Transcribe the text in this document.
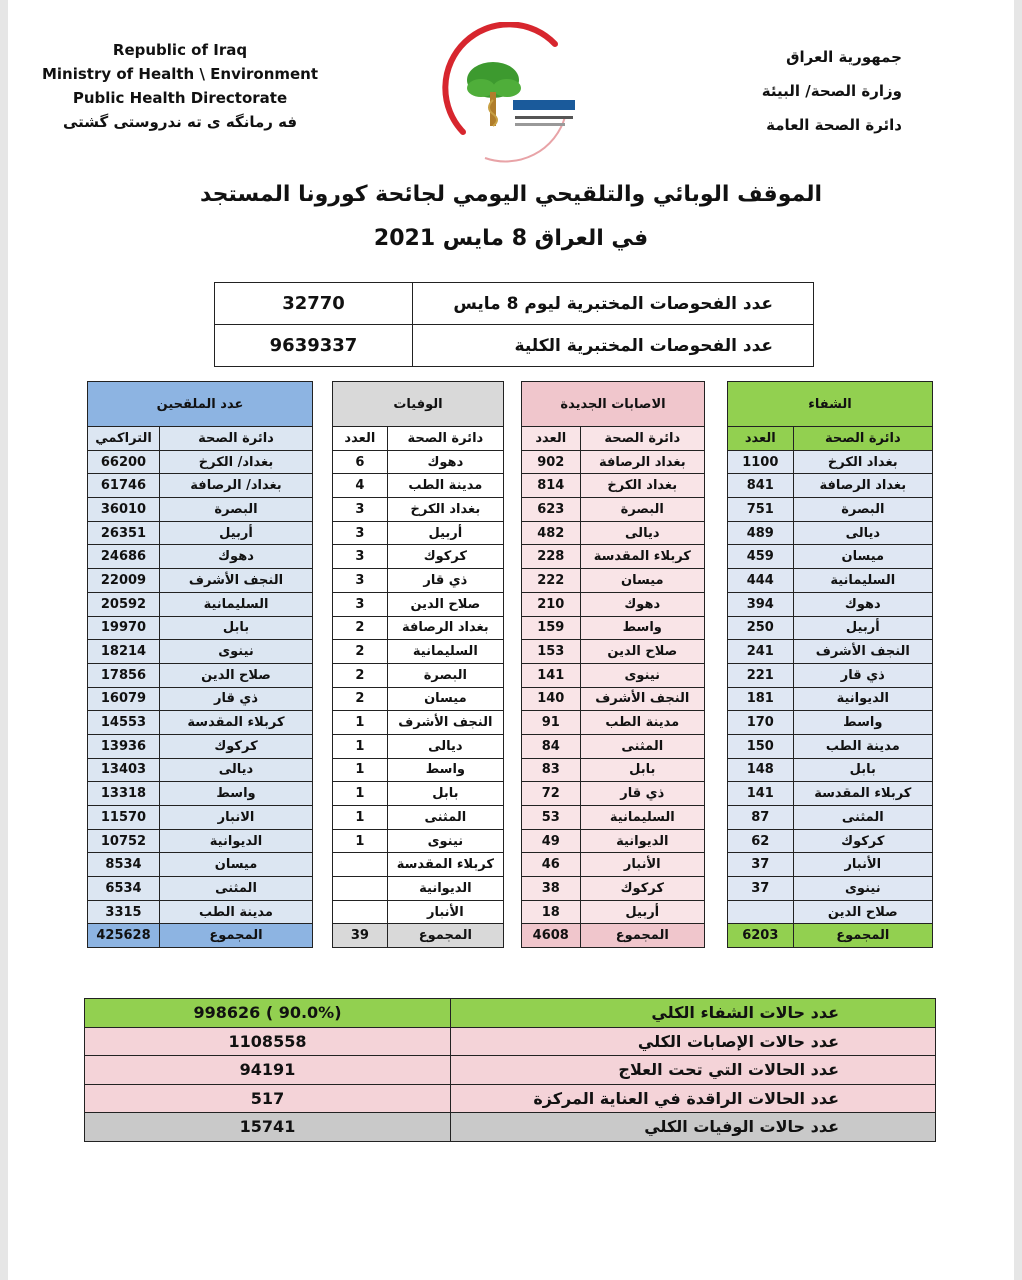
Republic of Iraq
Ministry of Health \ Environment
Public Health Directorate
فه رمانگه ی ته ندروستی گشتی
جمهورية العراق
وزارة الصحة/ البيئة
دائرة الصحة العامة
الموقف الوبائي والتلقيحي اليومي لجائحة كورونا المستجد
في العراق 8 مايس 2021
32770	عدد الفحوصات المختبرية ليوم 8 مايس
9639337	عدد الفحوصات المختبرية الكلية
الشفاء	
دائرة الصحة	العدد
بغداد الكرخ	1100
بغداد الرصافة	841
البصرة	751
ديالى	489
ميسان	459
السليمانية	444
دهوك	394
أربيل	250
النجف الأشرف	241
ذي قار	221
الديوانية	181
واسط	170
مدينة الطب	150
بابل	148
كربلاء المقدسة	141
المثنى	87
كركوك	62
الأنبار	37
نينوى	37
صلاح الدين	
المجموع	6203
الاصابات الجديدة	
دائرة الصحة	العدد
بغداد الرصافة	902
بغداد الكرخ	814
البصرة	623
ديالى	482
كربلاء المقدسة	228
ميسان	222
دهوك	210
واسط	159
صلاح الدين	153
نينوى	141
النجف الأشرف	140
مدينة الطب	91
المثنى	84
بابل	83
ذي قار	72
السليمانية	53
الديوانية	49
الأنبار	46
كركوك	38
أربيل	18
المجموع	4608
الوفيات	
دائرة الصحة	العدد
دهوك	6
مدينة الطب	4
بغداد الكرخ	3
أربيل	3
كركوك	3
ذي قار	3
صلاح الدين	3
بغداد الرصافة	2
السليمانية	2
البصرة	2
ميسان	2
النجف الأشرف	1
ديالى	1
واسط	1
بابل	1
المثنى	1
نينوى	1
كربلاء المقدسة	
الديوانية	
الأنبار	
المجموع	39
عدد الملقحين	
دائرة الصحة	التراكمي
بغداد/ الكرخ	66200
بغداد/ الرصافة	61746
البصرة	36010
أربيل	26351
دهوك	24686
النجف الأشرف	22009
السليمانية	20592
بابل	19970
نينوى	18214
صلاح الدين	17856
ذي قار	16079
كربلاء المقدسة	14553
كركوك	13936
ديالى	13403
واسط	13318
الانبار	11570
الديوانية	10752
ميسان	8534
المثنى	6534
مدينة الطب	3315
المجموع	425628
998626 ( 90.0%)	عدد حالات الشفاء الكلي
1108558	عدد حالات الإصابات الكلي
94191	عدد الحالات التي تحت العلاج
517	عدد الحالات الراقدة في العناية المركزة
15741	عدد حالات الوفيات الكلي
